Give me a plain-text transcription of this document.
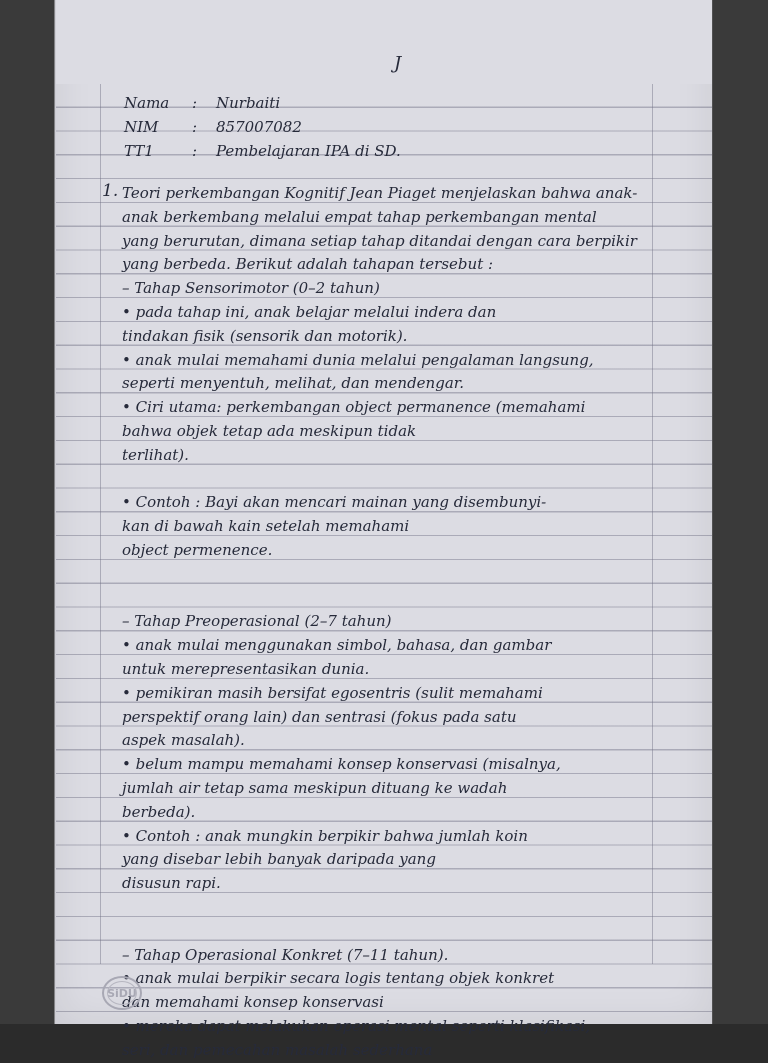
J
Nama : Nurbaiti
NIM : 857007082
TT1	: Pembelajaran IPA di SD.
1. Teori perkembangan Kognitif Jean Piaget menjelaskan bahwa anak-
anak berkembang melalui empat tahap perkembangan mental
yang berurutan, dimana setiap tahap ditandai dengan cara berpikir
yang berbeda. Berikut adalah tahapan tersebut :
– Tahap Sensorimotor (0–2 tahun)
• pada tahap ini, anak belajar melalui indera dan
tindakan fisik (sensorik dan motorik).
• anak mulai memahami dunia melalui pengalaman langsung,
seperti menyentuh, melihat, dan mendengar.
• Ciri utama: perkembangan object permanence (memahami
bahwa objek tetap ada meskipun tidak
terlihat).
• Contoh : Bayi akan mencari mainan yang disembunyi-
kan di bawah kain setelah memahami
object permenence.
– Tahap Preoperasional (2–7 tahun)
• anak mulai menggunakan simbol, bahasa, dan gambar
untuk merepresentasikan dunia.
• pemikiran masih bersifat egosentris (sulit memahami
perspektif orang lain) dan sentrasi (fokus pada satu
aspek masalah).
• belum mampu memahami konsep konservasi (misalnya,
jumlah air tetap sama meskipun dituang ke wadah
berbeda).
• Contoh : anak mungkin berpikir bahwa jumlah koin
yang disebar lebih banyak daripada yang
disusun rapi.
– Tahap Operasional Konkret (7–11 tahun).
• anak mulai berpikir secara logis tentang objek konkret
dan memahami konsep konservasi
• mereka dapat melakukan operasi mental seperti klasifikasi,
seri, dan pemecahan masalah sederhana
SiDU
